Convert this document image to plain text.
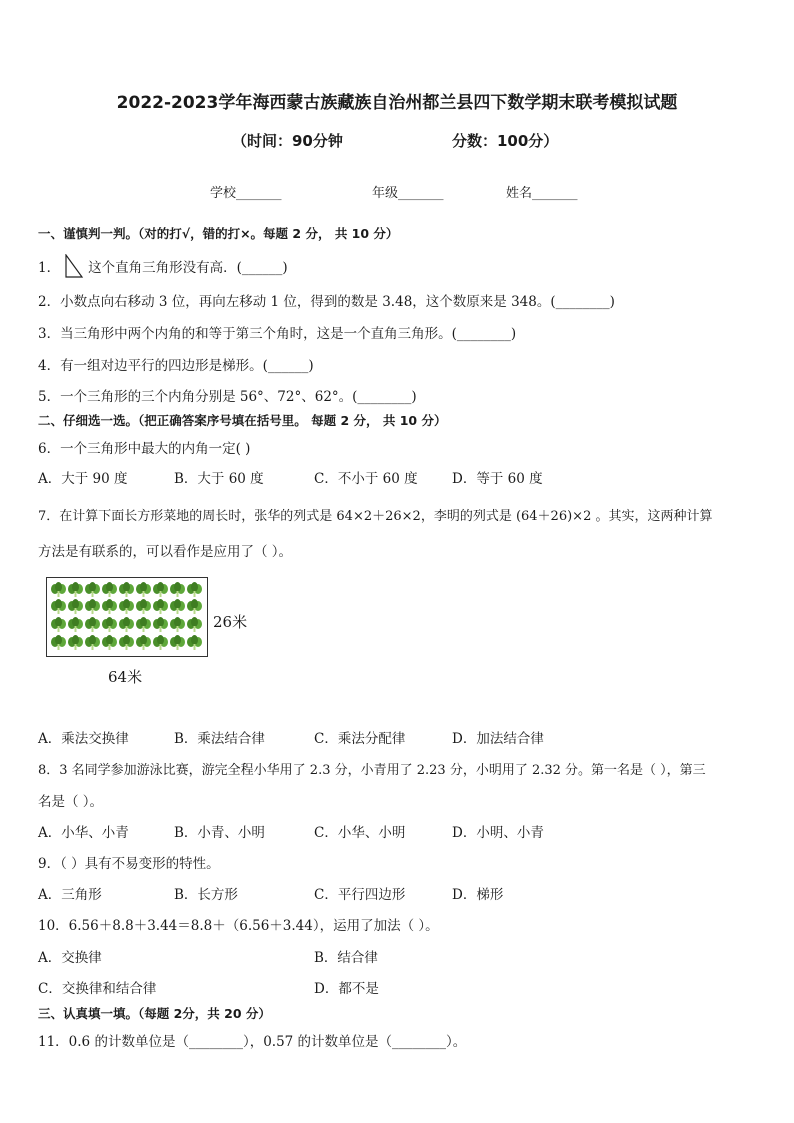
2022-2023学年海西蒙古族藏族自治州都兰县四下数学期末联考模拟试题
（时间：90分钟	分数：100分）
学校_______	年级_______	姓名_______
一、谨慎判一判。（对的打√，错的打×。每题 2 分， 共 10 分）
1． 这个直角三角形没有高．(______)
2．小数点向右移动 3 位，再向左移动 1 位，得到的数是 3.48，这个数原来是 348。(________)
3．当三角形中两个内角的和等于第三个角时，这是一个直角三角形。(________)
4．有一组对边平行的四边形是梯形。(______)
5．一个三角形的三个内角分别是 56°、72°、62°。(________)
二、仔细选一选。（把正确答案序号填在括号里。 每题 2 分， 共 10 分）
6．一个三角形中最大的内角一定( )
A．大于 90 度	B．大于 60 度	C．不小于 60 度	D．等于 60 度
7．在计算下面长方形菜地的周长时，张华的列式是 64×2＋26×2，李明的列式是 (64＋26)×2 。其实，这两种计算
方法是有联系的，可以看作是应用了（ ）。
26米
64米
A．乘法交换律	B．乘法结合律	C．乘法分配律	D．加法结合律
8．3 名同学参加游泳比赛，游完全程小华用了 2.3 分，小青用了 2.23 分，小明用了 2.32 分。第一名是（ ），第三
名是（ ）。
A．小华、小青	B．小青、小明	C．小华、小明	D．小明、小青
9．（ ）具有不易变形的特性。
A．三角形	B．长方形	C．平行四边形	D．梯形
10．6.56＋8.8＋3.44＝8.8＋（6.56＋3.44），运用了加法（ ）。
A．交换律	B．结合律
C．交换律和结合律	D．都不是
三、认真填一填。（每题 2分，共 20 分）
11．0.6 的计数单位是（________），0.57 的计数单位是（________）。
